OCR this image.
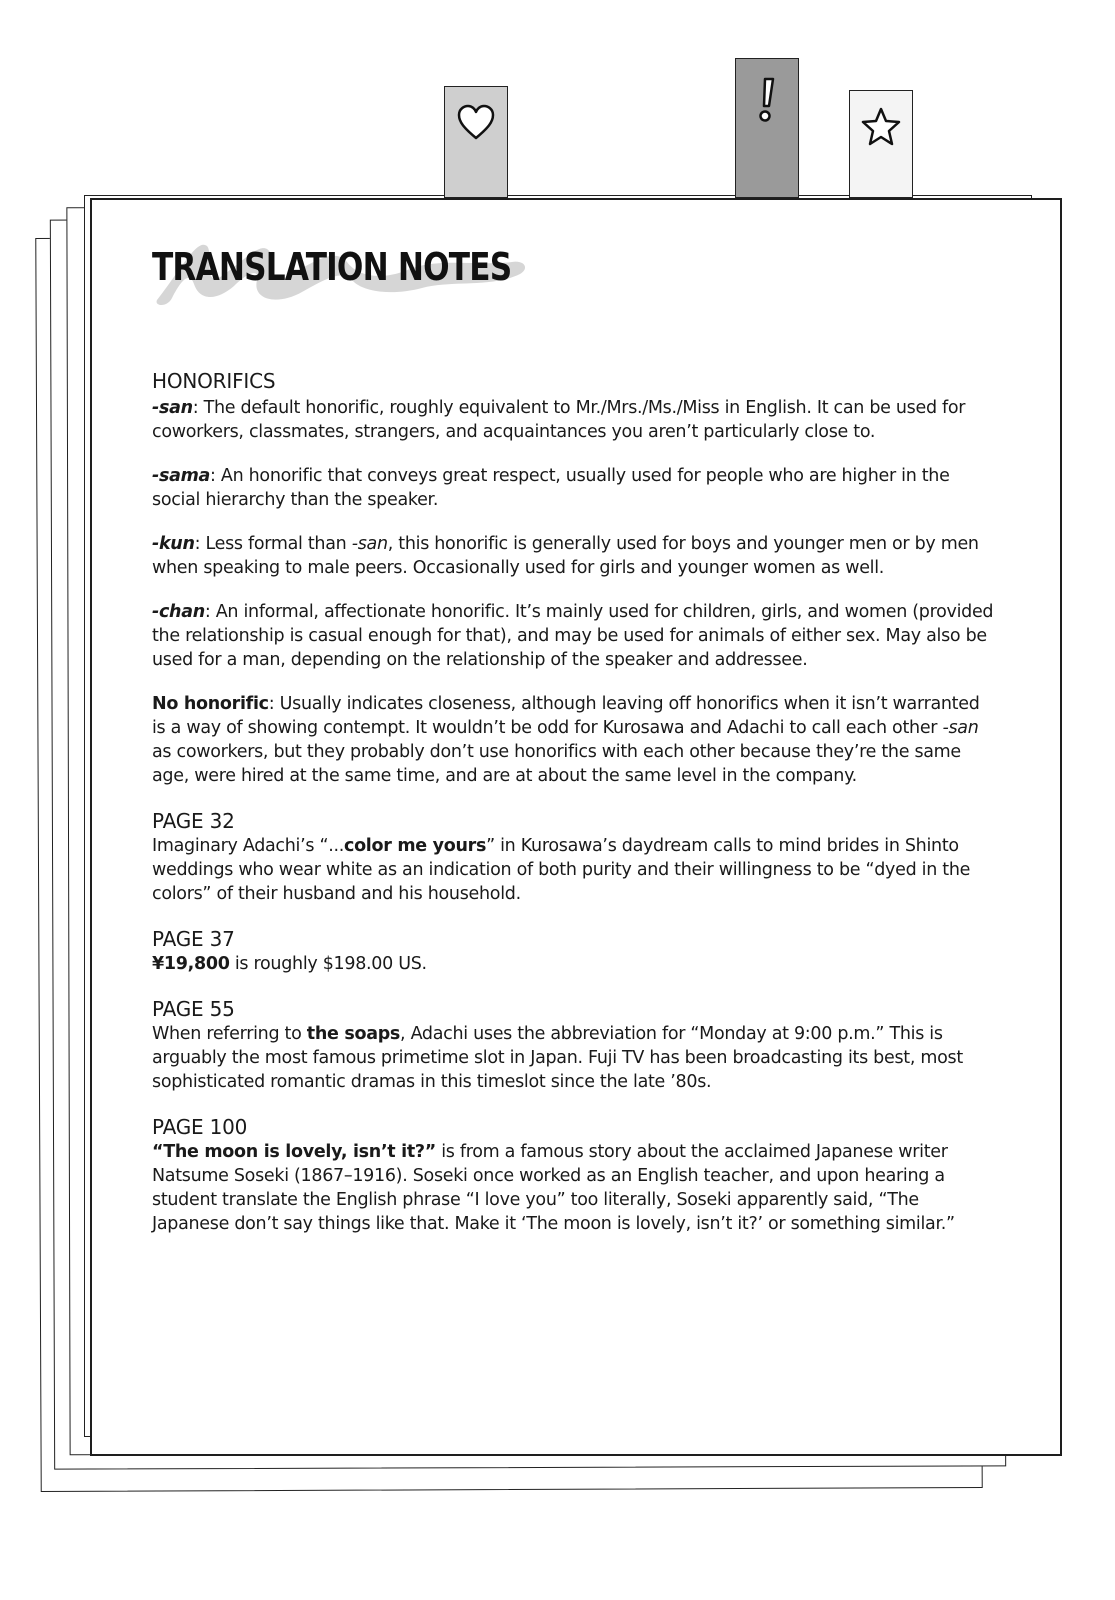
TRANSLATION NOTES

HONORIFICS

-san: The default honorific, roughly equivalent to Mr./Mrs./Ms./Miss in English. It can be used for coworkers, classmates, strangers, and acquaintances you aren’t particularly close to.

-sama: An honorific that conveys great respect, usually used for people who are higher in the social hierarchy than the speaker.

-kun: Less formal than -san, this honorific is generally used for boys and younger men or by men when speaking to male peers. Occasionally used for girls and younger women as well.

-chan: An informal, affectionate honorific. It’s mainly used for children, girls, and women (provided the relationship is casual enough for that), and may be used for animals of either sex. May also be used for a man, depending on the relationship of the speaker and addressee.

No honorific: Usually indicates closeness, although leaving off honorifics when it isn’t warranted is a way of showing contempt. It wouldn’t be odd for Kurosawa and Adachi to call each other -san as coworkers, but they probably don’t use honorifics with each other because they’re the same age, were hired at the same time, and are at about the same level in the company.

PAGE 32

Imaginary Adachi’s “...color me yours” in Kurosawa’s daydream calls to mind brides in Shinto weddings who wear white as an indication of both purity and their willingness to be “dyed in the colors” of their husband and his household.

PAGE 37

¥19,800 is roughly $198.00 US.

PAGE 55

When referring to the soaps, Adachi uses the abbreviation for “Monday at 9:00 p.m.” This is arguably the most famous primetime slot in Japan. Fuji TV has been broadcasting its best, most sophisticated romantic dramas in this timeslot since the late ’80s.

PAGE 100

“The moon is lovely, isn’t it?” is from a famous story about the acclaimed Japanese writer Natsume Soseki (1867–1916). Soseki once worked as an English teacher, and upon hearing a student translate the English phrase “I love you” too literally, Soseki apparently said, “The Japanese don’t say things like that. Make it ‘The moon is lovely, isn’t it?’ or something similar.”
